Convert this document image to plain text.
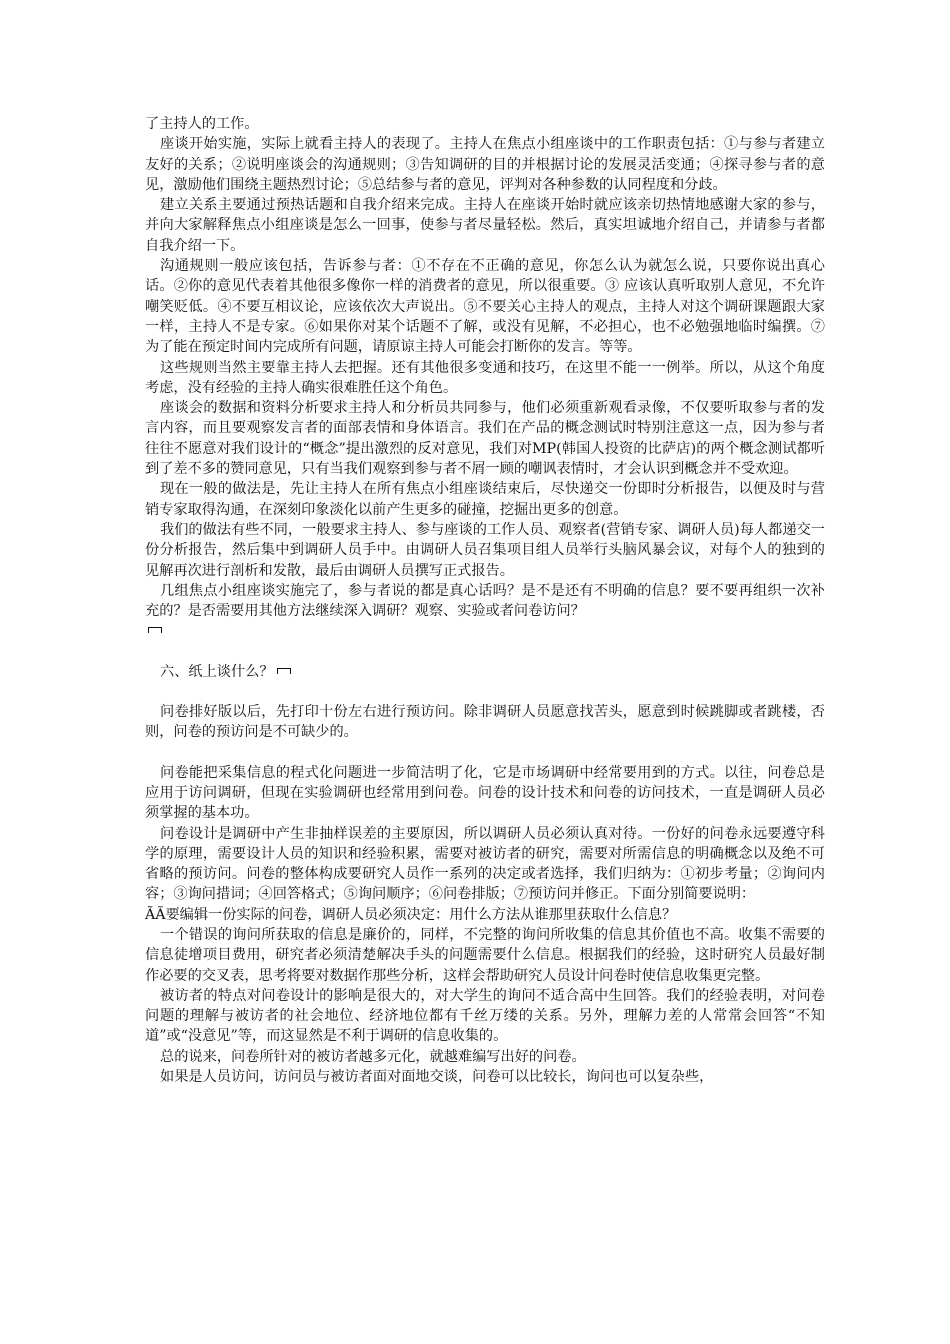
了主持人的工作。

座谈开始实施，实际上就看主持人的表现了。主持人在焦点小组座谈中的工作职责包括：①与参与者建立友好的关系；②说明座谈会的沟通规则；③告知调研的目的并根据讨论的发展灵活变通；④探寻参与者的意见，激励他们围绕主题热烈讨论；⑤总结参与者的意见，评判对各种参数的认同程度和分歧。

建立关系主要通过预热话题和自我介绍来完成。主持人在座谈开始时就应该亲切热情地感谢大家的参与，并向大家解释焦点小组座谈是怎么一回事，使参与者尽量轻松。然后，真实坦诚地介绍自己，并请参与者都自我介绍一下。

沟通规则一般应该包括，告诉参与者：①不存在不正确的意见，你怎么认为就怎么说，只要你说出真心话。②你的意见代表着其他很多像你一样的消费者的意见，所以很重要。③ 应该认真听取别人意见，不允许嘲笑贬低。④不要互相议论，应该依次大声说出。⑤不要关心主持人的观点，主持人对这个调研课题跟大家一样，主持人不是专家。⑥如果你对某个话题不了解，或没有见解，不必担心，也不必勉强地临时编撰。⑦为了能在预定时间内完成所有问题，请原谅主持人可能会打断你的发言。等等。

这些规则当然主要靠主持人去把握。还有其他很多变通和技巧，在这里不能一一例举。所以，从这个角度考虑，没有经验的主持人确实很难胜任这个角色。

座谈会的数据和资料分析要求主持人和分析员共同参与，他们必须重新观看录像，不仅要听取参与者的发言内容，而且要观察发言者的面部表情和身体语言。我们在产品的概念测试时特别注意这一点，因为参与者往往不愿意对我们设计的“概念”提出激烈的反对意见，我们对MP(韩国人投资的比萨店)的两个概念测试都听到了差不多的赞同意见，只有当我们观察到参与者不屑一顾的嘲讽表情时，才会认识到概念并不受欢迎。

现在一般的做法是，先让主持人在所有焦点小组座谈结束后，尽快递交一份即时分析报告，以便及时与营销专家取得沟通，在深刻印象淡化以前产生更多的碰撞，挖掘出更多的创意。

我们的做法有些不同，一般要求主持人、参与座谈的工作人员、观察者(营销专家、调研人员)每人都递交一份分析报告，然后集中到调研人员手中。由调研人员召集项目组人员举行头脑风暴会议，对每个人的独到的见解再次进行剖析和发散，最后由调研人员撰写正式报告。

几组焦点小组座谈实施完了，参与者说的都是真心话吗？是不是还有不明确的信息？要不要再组织一次补充的？是否需要用其他方法继续深入调研？观察、实验或者问卷访问？

六、纸上谈什么？

问卷排好版以后，先打印十份左右进行预访问。除非调研人员愿意找苦头，愿意到时候跳脚或者跳楼，否则，问卷的预访问是不可缺少的。

问卷能把采集信息的程式化问题进一步简洁明了化，它是市场调研中经常要用到的方式。以往，问卷总是应用于访问调研，但现在实验调研也经常用到问卷。问卷的设计技术和问卷的访问技术，一直是调研人员必须掌握的基本功。

问卷设计是调研中产生非抽样误差的主要原因，所以调研人员必须认真对待。一份好的问卷永远要遵守科学的原理，需要设计人员的知识和经验积累，需要对被访者的研究，需要对所需信息的明确概念以及绝不可省略的预访问。问卷的整体构成要研究人员作一系列的决定或者选择，我们归纳为：①初步考量；②询问内容；③询问措词；④回答格式；⑤询问顺序；⑥问卷排版；⑦预访问并修正。下面分别简要说明：

ÃÃ要编辑一份实际的问卷，调研人员必须决定：用什么方法从谁那里获取什么信息？

一个错误的询问所获取的信息是廉价的，同样，不完整的询问所收集的信息其价值也不高。收集不需要的信息徒增项目费用，研究者必须清楚解决手头的问题需要什么信息。根据我们的经验，这时研究人员最好制作必要的交叉表，思考将要对数据作那些分析，这样会帮助研究人员设计问卷时使信息收集更完整。

被访者的特点对问卷设计的影响是很大的，对大学生的询问不适合高中生回答。我们的经验表明，对问卷问题的理解与被访者的社会地位、经济地位都有千丝万缕的关系。另外，理解力差的人常常会回答“不知道”或“没意见”等，而这显然是不利于调研的信息收集的。

总的说来，问卷所针对的被访者越多元化，就越难编写出好的问卷。

如果是人员访问，访问员与被访者面对面地交谈，问卷可以比较长，询问也可以复杂些，
